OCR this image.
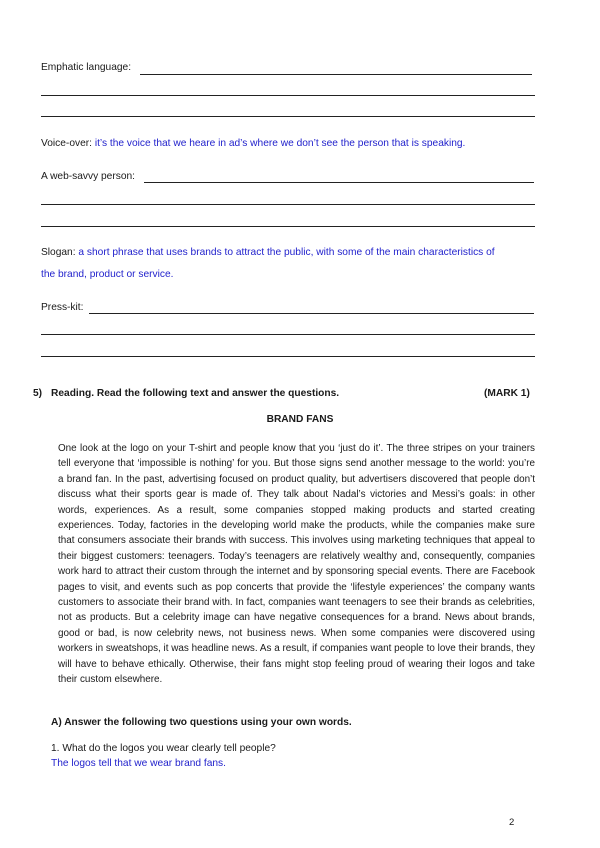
Emphatic language:
Voice-over: it’s the voice that we heare in ad’s where we don’t see the person that is speaking.
A web-savvy person:
Slogan: a short phrase that uses brands to attract the public, with some of the main characteristics of
the brand, product or service.
Press-kit:
5) Reading. Read the following text and answer the questions.	(MARK 1)
BRAND FANS
One look at the logo on your T-shirt and people know that you ‘just do it’. The three stripes on your trainers tell everyone that ‘impossible is nothing’ for you. But those signs send another message to the world: you’re a brand fan. In the past, advertising focused on product quality, but advertisers discovered that people don’t discuss what their sports gear is made of. They talk about Nadal’s victories and Messi’s goals: in other words, experiences. As a result, some companies stopped making products and started creating experiences. Today, factories in the developing world make the products, while the companies make sure that consumers associate their brands with success. This involves using marketing techniques that appeal to their biggest customers: teenagers. Today’s teenagers are relatively wealthy and, consequently, companies work hard to attract their custom through the internet and by sponsoring special events. There are Facebook pages to visit, and events such as pop concerts that provide the ‘lifestyle experiences’ the company wants customers to associate their brand with. In fact, companies want teenagers to see their brands as celebrities, not as products. But a celebrity image can have negative consequences for a brand. News about brands, good or bad, is now celebrity news, not business news. When some companies were discovered using workers in sweatshops, it was headline news. As a result, if companies want people to love their brands, they will have to behave ethically. Otherwise, their fans might stop feeling proud of wearing their logos and take their custom elsewhere.
A) Answer the following two questions using your own words.
1. What do the logos you wear clearly tell people?
The logos tell that we wear brand fans.
2
